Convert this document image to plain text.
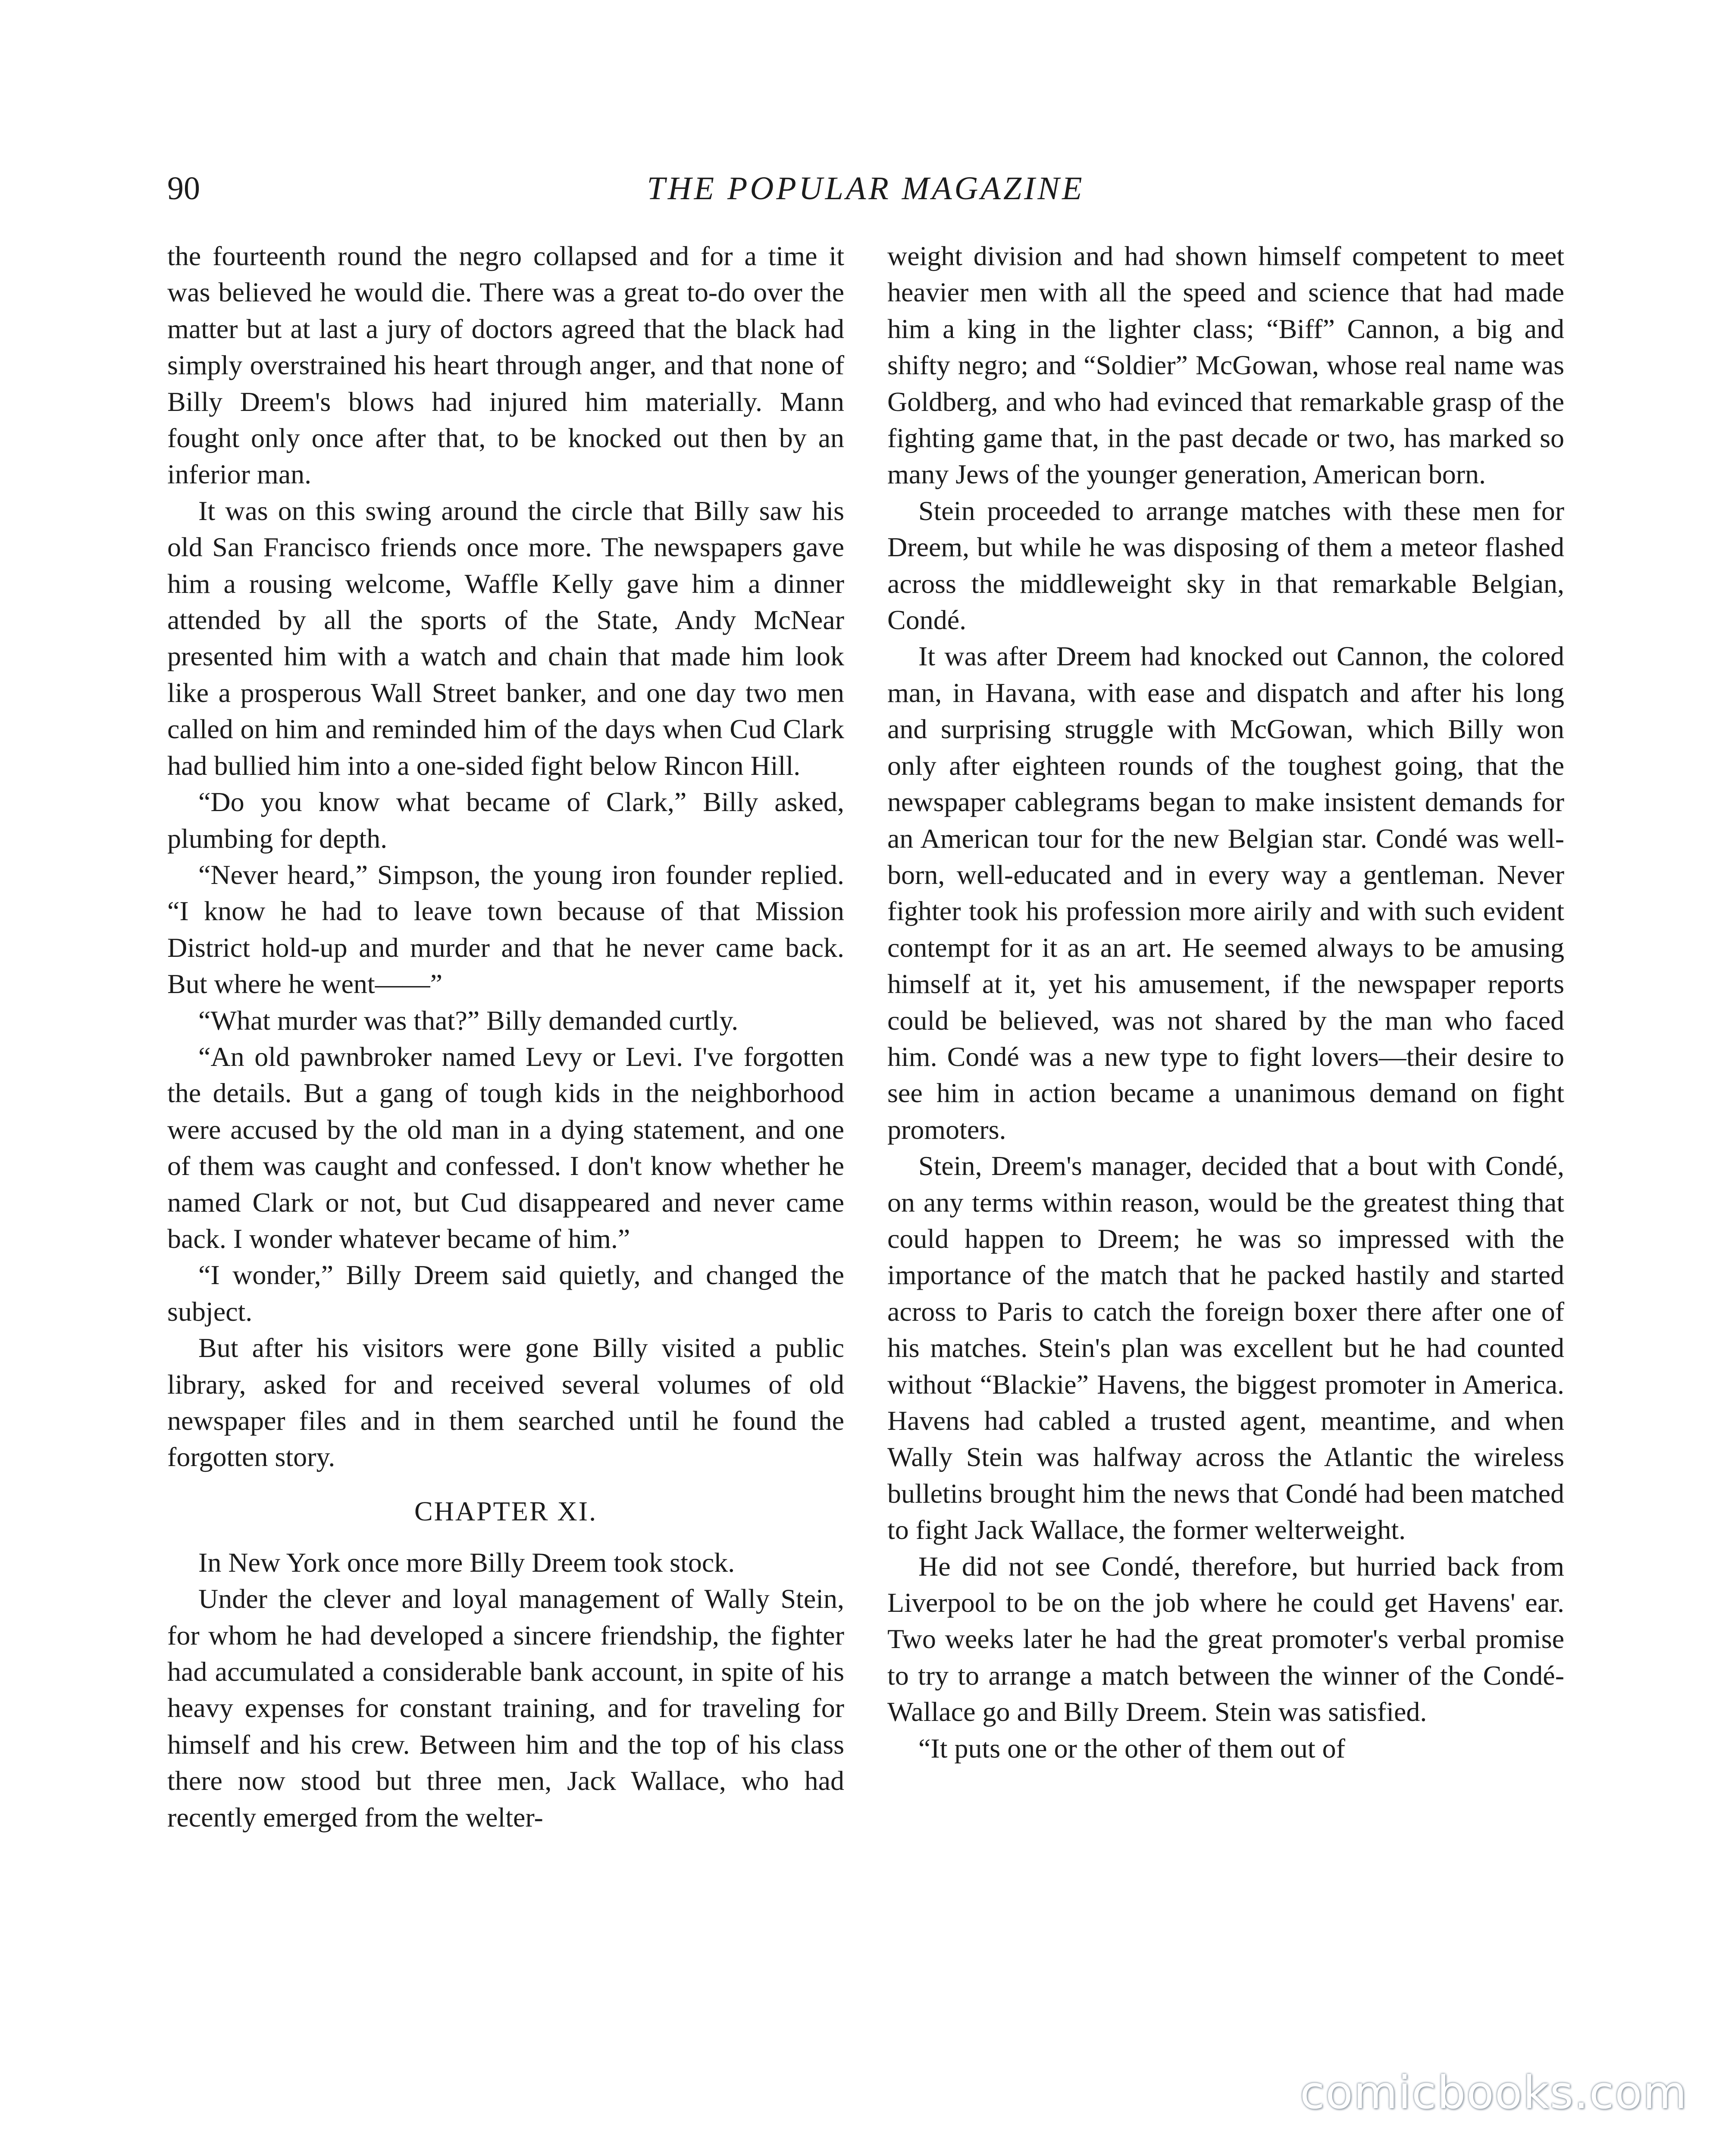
90	THE POPULAR MAGAZINE

the fourteenth round the negro collapsed and for a time it was believed he would die. There was a great to-do over the matter but at last a jury of doctors agreed that the black had simply overstrained his heart through anger, and that none of Billy Dreem's blows had injured him materially. Mann fought only once after that, to be knocked out then by an inferior man.

It was on this swing around the circle that Billy saw his old San Francisco friends once more. The newspapers gave him a rousing welcome, Waffle Kelly gave him a dinner attended by all the sports of the State, Andy McNear presented him with a watch and chain that made him look like a prosperous Wall Street banker, and one day two men called on him and reminded him of the days when Cud Clark had bullied him into a one-sided fight below Rincon Hill.

“Do you know what became of Clark,” Billy asked, plumbing for depth.

“Never heard,” Simpson, the young iron founder replied. “I know he had to leave town because of that Mission District hold-up and murder and that he never came back. But where he went——”

“What murder was that?” Billy demanded curtly.

“An old pawnbroker named Levy or Levi. I've forgotten the details. But a gang of tough kids in the neighborhood were accused by the old man in a dying statement, and one of them was caught and confessed. I don't know whether he named Clark or not, but Cud disappeared and never came back. I wonder whatever became of him.”

“I wonder,” Billy Dreem said quietly, and changed the subject.

But after his visitors were gone Billy visited a public library, asked for and received several volumes of old newspaper files and in them searched until he found the forgotten story.

CHAPTER XI.

In New York once more Billy Dreem took stock.

Under the clever and loyal management of Wally Stein, for whom he had developed a sincere friendship, the fighter had accumulated a considerable bank account, in spite of his heavy expenses for constant training, and for traveling for himself and his crew. Between him and the top of his class there now stood but three men, Jack Wallace, who had recently emerged from the welter-

weight division and had shown himself competent to meet heavier men with all the speed and science that had made him a king in the lighter class; “Biff” Cannon, a big and shifty negro; and “Soldier” McGowan, whose real name was Goldberg, and who had evinced that remarkable grasp of the fighting game that, in the past decade or two, has marked so many Jews of the younger generation, American born.

Stein proceeded to arrange matches with these men for Dreem, but while he was disposing of them a meteor flashed across the middleweight sky in that remarkable Belgian, Condé.

It was after Dreem had knocked out Cannon, the colored man, in Havana, with ease and dispatch and after his long and surprising struggle with McGowan, which Billy won only after eighteen rounds of the toughest going, that the newspaper cablegrams began to make insistent demands for an American tour for the new Belgian star. Condé was well-born, well-educated and in every way a gentleman. Never fighter took his profession more airily and with such evident contempt for it as an art. He seemed always to be amusing himself at it, yet his amusement, if the newspaper reports could be believed, was not shared by the man who faced him. Condé was a new type to fight lovers—their desire to see him in action became a unanimous demand on fight promoters.

Stein, Dreem's manager, decided that a bout with Condé, on any terms within reason, would be the greatest thing that could happen to Dreem; he was so impressed with the importance of the match that he packed hastily and started across to Paris to catch the foreign boxer there after one of his matches. Stein's plan was excellent but he had counted without “Blackie” Havens, the biggest promoter in America. Havens had cabled a trusted agent, meantime, and when Wally Stein was halfway across the Atlantic the wireless bulletins brought him the news that Condé had been matched to fight Jack Wallace, the former welterweight.

He did not see Condé, therefore, but hurried back from Liverpool to be on the job where he could get Havens' ear. Two weeks later he had the great promoter's verbal promise to try to arrange a match between the winner of the Condé-Wallace go and Billy Dreem. Stein was satisfied.

“It puts one or the other of them out of

comicbooks.com
